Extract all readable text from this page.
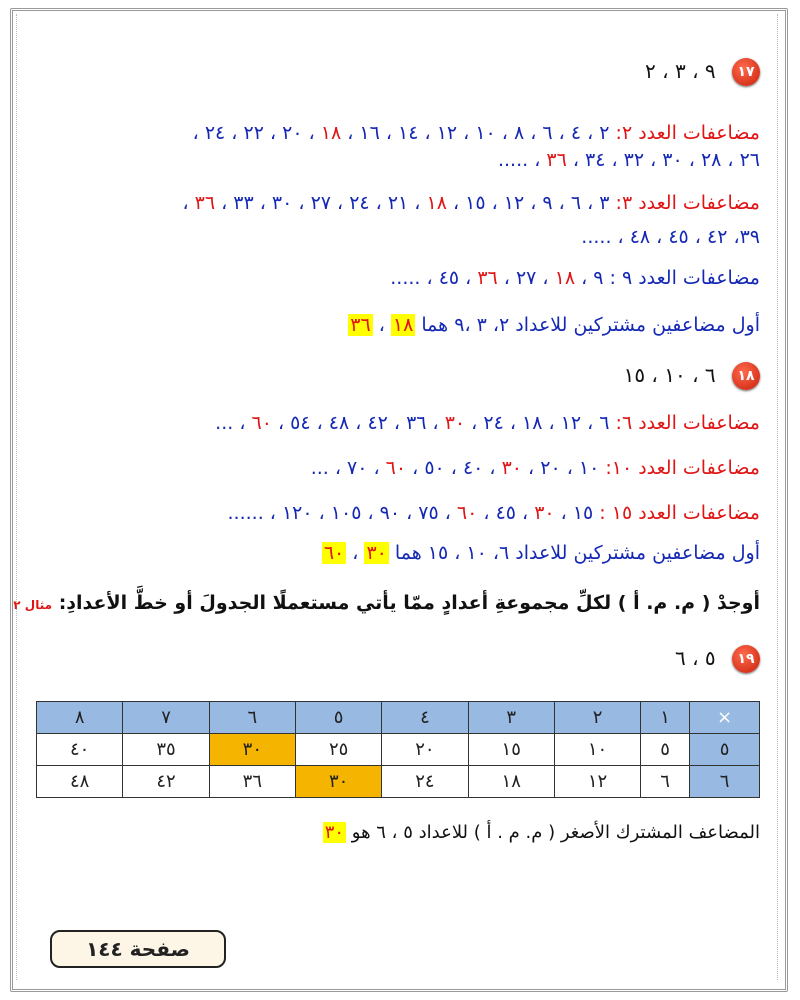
١٧ ٩ ، ٣ ، ٢
مضاعفات العدد ٢: ٢ ، ٤ ، ٦ ، ٨ ، ١٠ ، ١٢ ، ١٤ ، ١٦ ، ١٨ ، ٢٠ ، ٢٢ ، ٢٤ ،
٢٦ ، ٢٨ ، ٣٠ ، ٣٢ ، ٣٤ ، ٣٦ ، .....
مضاعفات العدد ٣: ٣ ، ٦ ، ٩ ، ١٢ ، ١٥ ، ١٨ ، ٢١ ، ٢٤ ، ٢٧ ، ٣٠ ، ٣٣ ، ٣٦ ،
٣٩، ٤٢ ، ٤٥ ، ٤٨ ، .....
مضاعفات العدد ٩ : ٩ ، ١٨ ، ٢٧ ، ٣٦ ، ٤٥ ، .....
أول مضاعفين مشتركين للاعداد ٢، ٣ ،٩ هما ١٨ ، ٣٦
١٨ ٦ ، ١٠ ، ١٥
مضاعفات العدد ٦: ٦ ، ١٢ ، ١٨ ، ٢٤ ، ٣٠ ، ٣٦ ، ٤٢ ، ٤٨ ، ٥٤ ، ٦٠ ، ...
مضاعفات العدد ١٠: ١٠ ، ٢٠ ، ٣٠ ، ٤٠ ، ٥٠ ، ٦٠ ، ٧٠ ، ...
مضاعفات العدد ١٥ : ١٥ ، ٣٠ ، ٤٥ ، ٦٠ ، ٧٥ ، ٩٠ ، ١٠٥ ، ١٢٠ ، ......
أول مضاعفين مشتركين للاعداد ٦، ١٠ ، ١٥ هما ٣٠ ، ٦٠
أوجدْ ( م. م. أ ) لكلِّ مجموعةِ أعدادٍ ممّا يأتي مستعملًا الجدولَ أو خطَّ الأعدادِ: مثال ٢
١٩ ٥ ، ٦
×	١	٢	٣	٤	٥	٦	٧	٨
٥	٥	١٠	١٥	٢٠	٢٥	٣٠	٣٥	٤٠
٦	٦	١٢	١٨	٢٤	٣٠	٣٦	٤٢	٤٨
المضاعف المشترك الأصغر ( م. م . أ ) للاعداد ٥ ، ٦ هو ٣٠
صفحة ١٤٤
